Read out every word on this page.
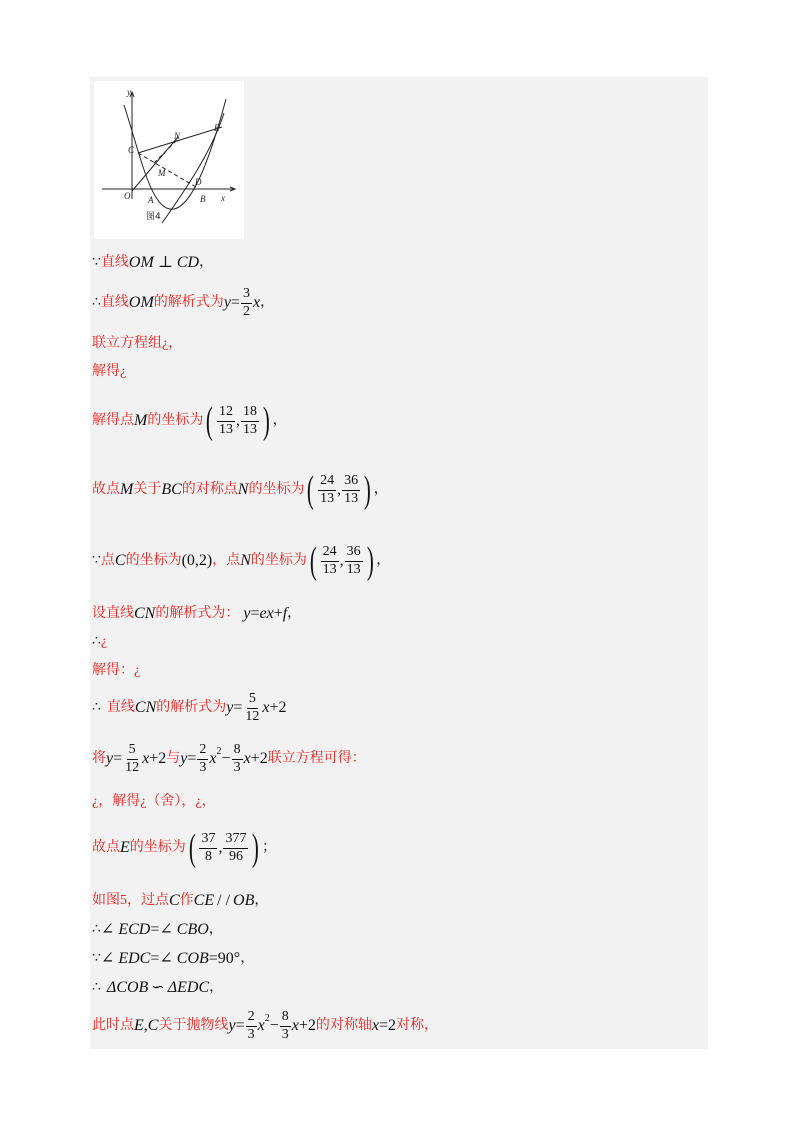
y
x
O A	B
C
D
E
M
N
图4
∵ 直线 OM ⊥ CD ，
∴ 直线 OM 的解析式为 $y = \frac{3}{2}$ x ，
联立方程组¿，
解得¿
解得点 M 的坐标为 ( $\frac{12}{13}$ , $\frac{18}{13}$ ) ，
故点 M 关于 BC 的对称点 N 的坐标为 ( $\frac{24}{13}$ , $\frac{36}{13}$ ) ，
∵ 点 C 的坐标为 (0,2) ，点 N 的坐标为 ( $\frac{24}{13}$ , $\frac{36}{13}$ ) ，
设直线 CN 的解析式为： y = ex + f ，
∴ ¿
解得：¿
∴ 直线 CN 的解析式为 $y = \frac{5}{12}$ x +2
将 $y = \frac{5}{12}$ x +2 与 $y = \frac{2}{3}$ x $2 - \frac{8}{3}$ x +2 联立方程可得：
¿，解得¿（舍），¿，
故点 E 的坐标为 ( $\frac{37}{8}$ , $\frac{377}{96}$ ) ；
如图5，过点 C 作 CE / / OB ，
∴ ∠ ECD = ∠ CBO ，
∵ ∠ EDC = ∠ COB = 90° ，
∴ ΔCOB ∽ ΔEDC ，
此时点 E , C 关于抛物线 $y = \frac{2}{3}$ x $2 - \frac{8}{3}$ x +2 的对称轴 x =2 对称，
